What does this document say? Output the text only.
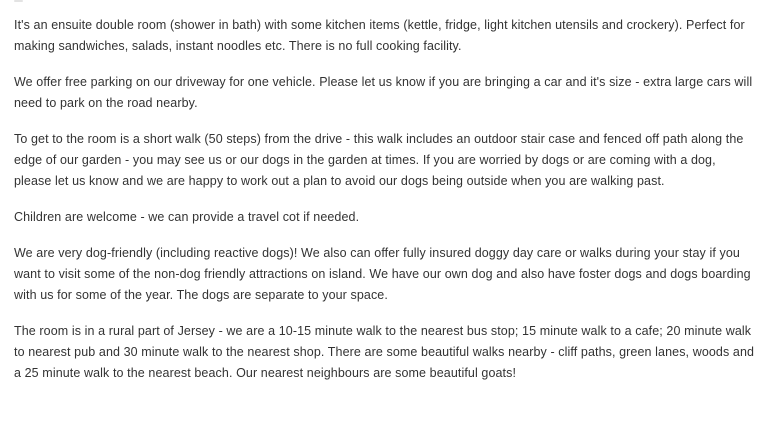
It's an ensuite double room (shower in bath) with some kitchen items (kettle, fridge, light kitchen utensils and crockery). Perfect for making sandwiches, salads, instant noodles etc. There is no full cooking facility.

We offer free parking on our driveway for one vehicle. Please let us know if you are bringing a car and it's size - extra large cars will need to park on the road nearby.

To get to the room is a short walk (50 steps) from the drive - this walk includes an outdoor stair case and fenced off path along the edge of our garden - you may see us or our dogs in the garden at times. If you are worried by dogs or are coming with a dog, please let us know and we are happy to work out a plan to avoid our dogs being outside when you are walking past.

Children are welcome - we can provide a travel cot if needed.

We are very dog-friendly (including reactive dogs)! We also can offer fully insured doggy day care or walks during your stay if you want to visit some of the non-dog friendly attractions on island. We have our own dog and also have foster dogs and dogs boarding with us for some of the year. The dogs are separate to your space.

The room is in a rural part of Jersey - we are a 10-15 minute walk to the nearest bus stop; 15 minute walk to a cafe; 20 minute walk to nearest pub and 30 minute walk to the nearest shop. There are some beautiful walks nearby - cliff paths, green lanes, woods and a 25 minute walk to the nearest beach. Our nearest neighbours are some beautiful goats!
